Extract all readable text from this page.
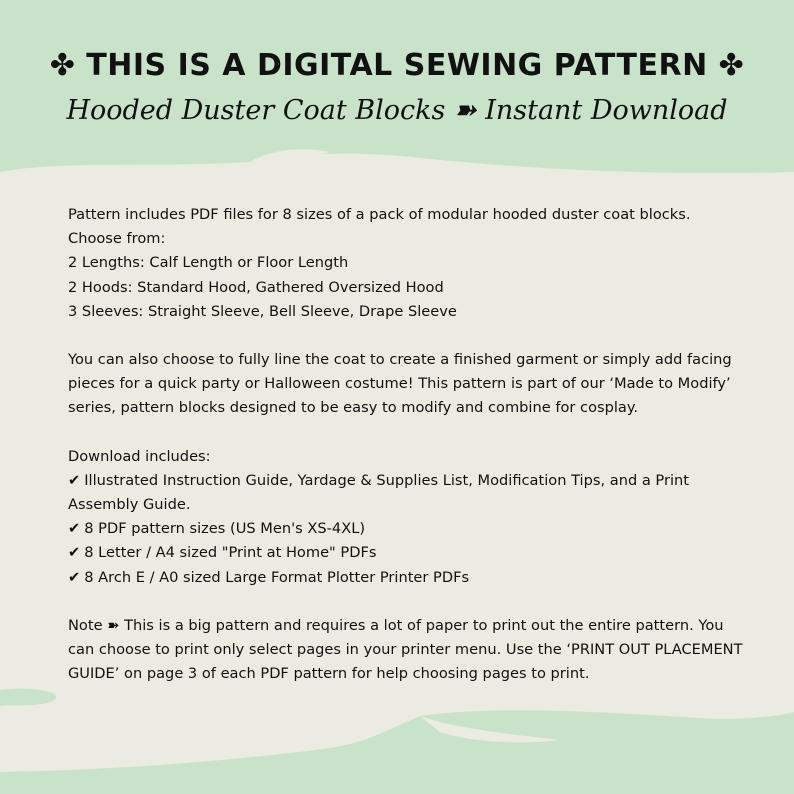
✤ THIS IS A DIGITAL SEWING PATTERN ✤
Hooded Duster Coat Blocks ➽ Instant Download

Pattern includes PDF files for 8 sizes of a pack of modular hooded duster coat blocks.
Choose from:
2 Lengths: Calf Length or Floor Length
2 Hoods: Standard Hood, Gathered Oversized Hood
3 Sleeves: Straight Sleeve, Bell Sleeve, Drape Sleeve

You can also choose to fully line the coat to create a finished garment or simply add facing pieces for a quick party or Halloween costume! This pattern is part of our ‘Made to Modify’ series, pattern blocks designed to be easy to modify and combine for cosplay.

Download includes:
✔ Illustrated Instruction Guide, Yardage & Supplies List, Modification Tips, and a Print Assembly Guide.
✔ 8 PDF pattern sizes (US Men's XS-4XL)
✔ 8 Letter / A4 sized "Print at Home" PDFs
✔ 8 Arch E / A0 sized Large Format Plotter Printer PDFs

Note ➽ This is a big pattern and requires a lot of paper to print out the entire pattern. You can choose to print only select pages in your printer menu. Use the ‘PRINT OUT PLACEMENT GUIDE’ on page 3 of each PDF pattern for help choosing pages to print.
